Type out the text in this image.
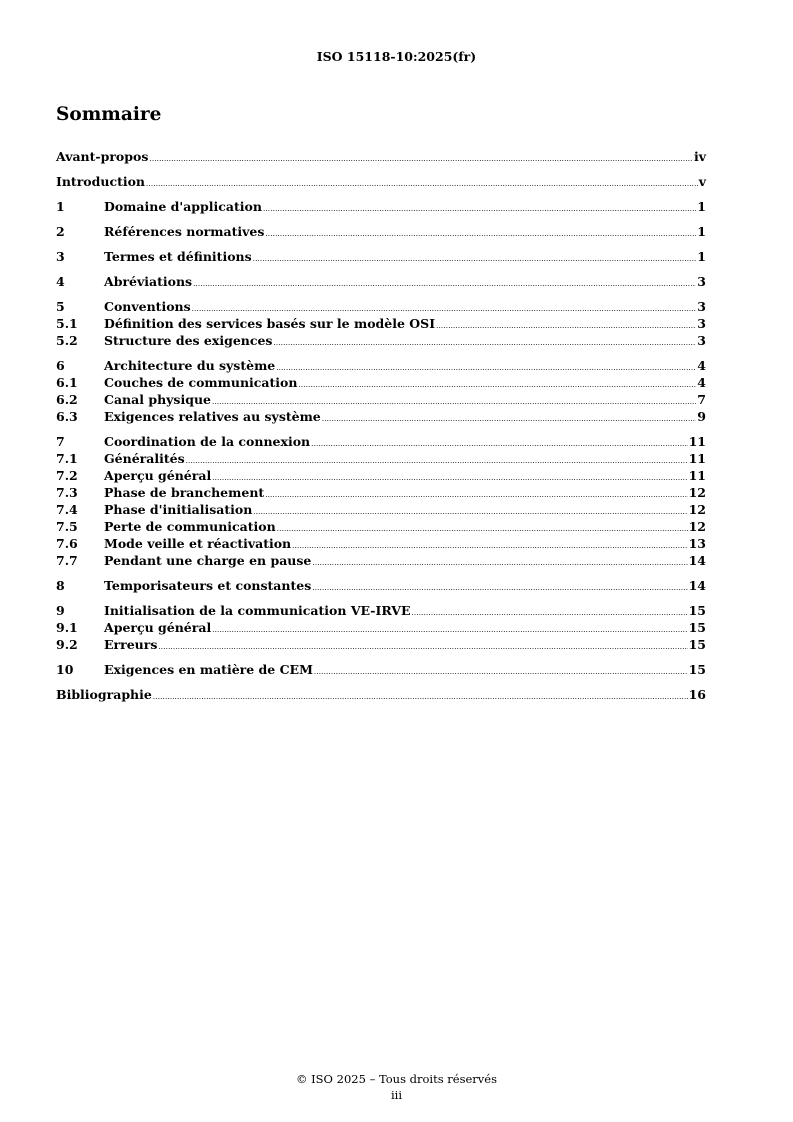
ISO 15118-10:2025(fr)
Sommaire
Avant-propos .....	iv
Introduction .....	v
1	Domaine d'application .....	1
2	Références normatives .....	1
3	Termes et définitions .....	1
4	Abréviations .....	3
5	Conventions .....	3
5.1 Définition des services basés sur le modèle OSI .....	3
5.2 Structure des exigences .....	3
6	Architecture du système .....	4
6.1 Couches de communication .....	4
6.2 Canal physique .....	7
6.3 Exigences relatives au système .....	9
7	Coordination de la connexion .....	11
7.1 Généralités .....	11
7.2 Aperçu général .....	11
7.3 Phase de branchement .....	12
7.4 Phase d'initialisation .....	12
7.5 Perte de communication .....	12
7.6 Mode veille et réactivation .....	13
7.7 Pendant une charge en pause .....	14
8	Temporisateurs et constantes .....	14
9	Initialisation de la communication VE-IRVE .....	15
9.1 Aperçu général .....	15
9.2 Erreurs .....	15
10 Exigences en matière de CEM .....	15
Bibliographie .....	16
© ISO 2025 – Tous droits réservés
iii
